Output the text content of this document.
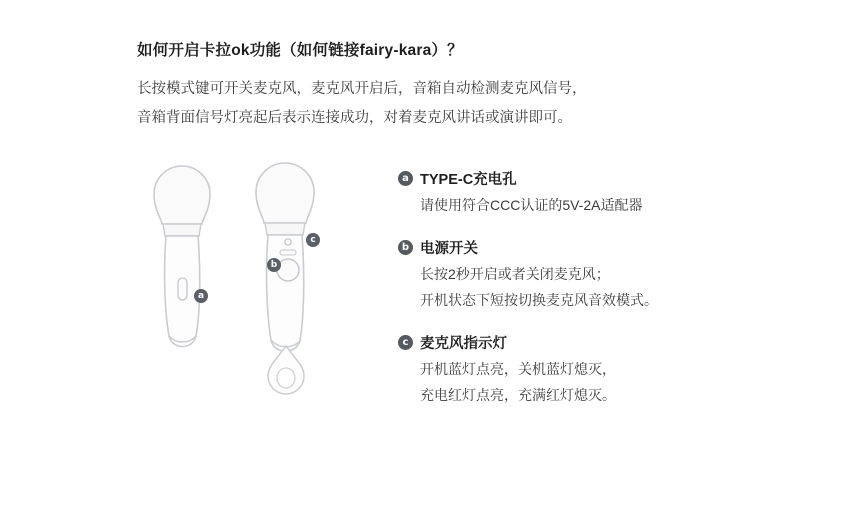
如何开启卡拉ok功能（如何链接fairy-kara）？
长按模式键可开关麦克风，麦克风开启后，音箱自动检测麦克风信号，
音箱背面信号灯亮起后表示连接成功，对着麦克风讲话或演讲即可。
a
b
c
a TYPE-C充电孔
请使用符合CCC认证的5V-2A适配器
b 电源开关
长按2秒开启或者关闭麦克风；
开机状态下短按切换麦克风音效模式。
c 麦克风指示灯
开机蓝灯点亮，关机蓝灯熄灭，
充电红灯点亮，充满红灯熄灭。
